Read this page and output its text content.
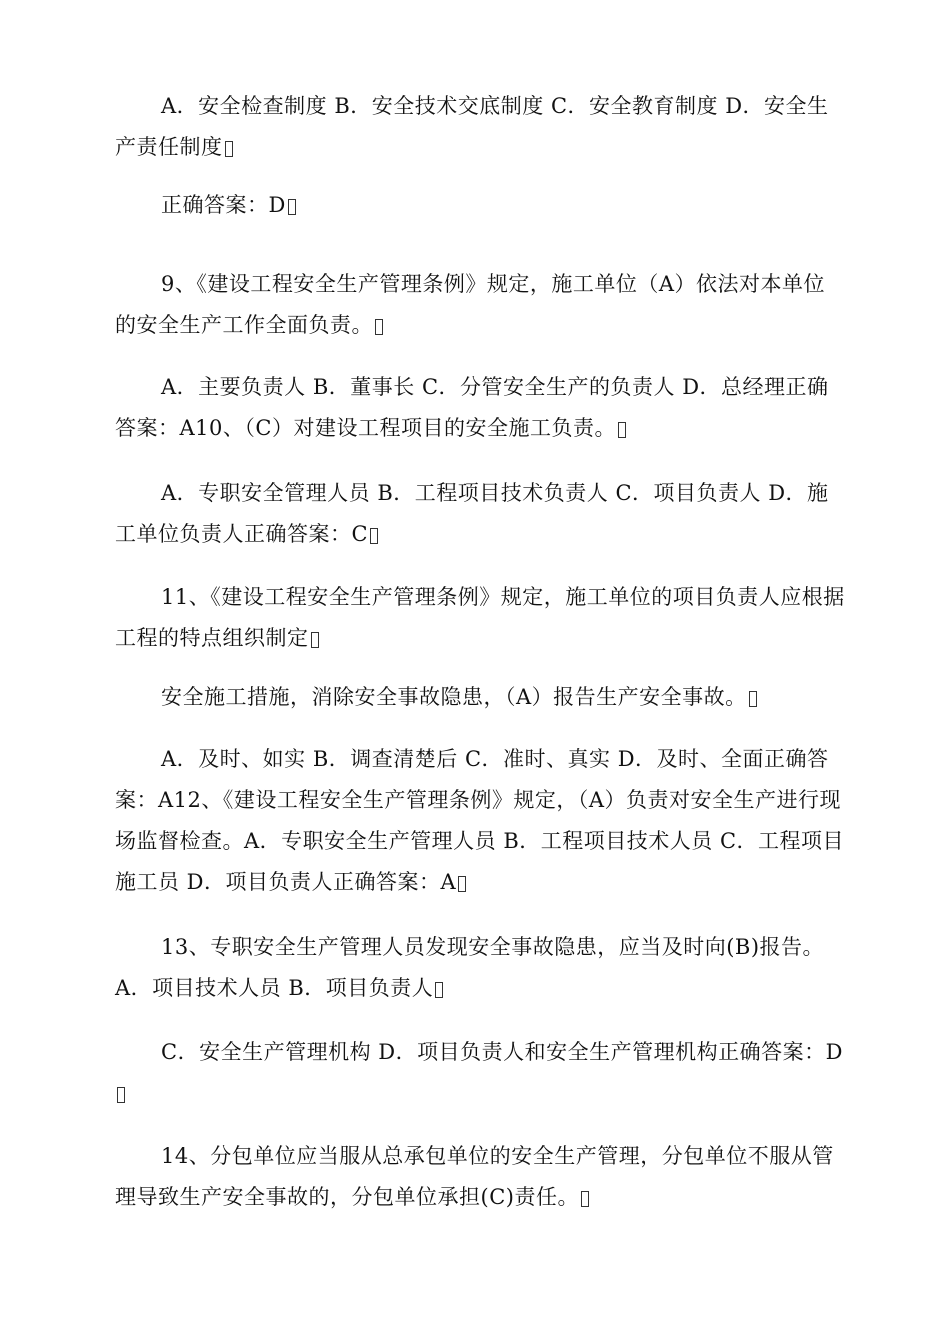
A．安全检查制度 B．安全技术交底制度 C．安全教育制度 D．安全生产责任制度

正确答案：D

9、《建设工程安全生产管理条例》规定，施工单位（A）依法对本单位的安全生产工作全面负责。

A．主要负责人 B．董事长 C．分管安全生产的负责人 D．总经理正确答案：A10、（C）对建设工程项目的安全施工负责。

A．专职安全管理人员 B．工程项目技术负责人 C．项目负责人 D．施工单位负责人正确答案：C

11、《建设工程安全生产管理条例》规定，施工单位的项目负责人应根据工程的特点组织制定

安全施工措施，消除安全事故隐患，（A）报告生产安全事故。

A．及时、如实 B．调查清楚后 C．准时、真实 D．及时、全面正确答案：A12、《建设工程安全生产管理条例》规定，（A）负责对安全生产进行现场监督检查。A．专职安全生产管理人员 B．工程项目技术人员 C．工程项目施工员 D．项目负责人正确答案：A

13、专职安全生产管理人员发现安全事故隐患，应当及时向(B)报告。A．项目技术人员 B．项目负责人

C．安全生产管理机构 D．项目负责人和安全生产管理机构正确答案：D

14、分包单位应当服从总承包单位的安全生产管理，分包单位不服从管理导致生产安全事故的，分包单位承担(C)责任。
